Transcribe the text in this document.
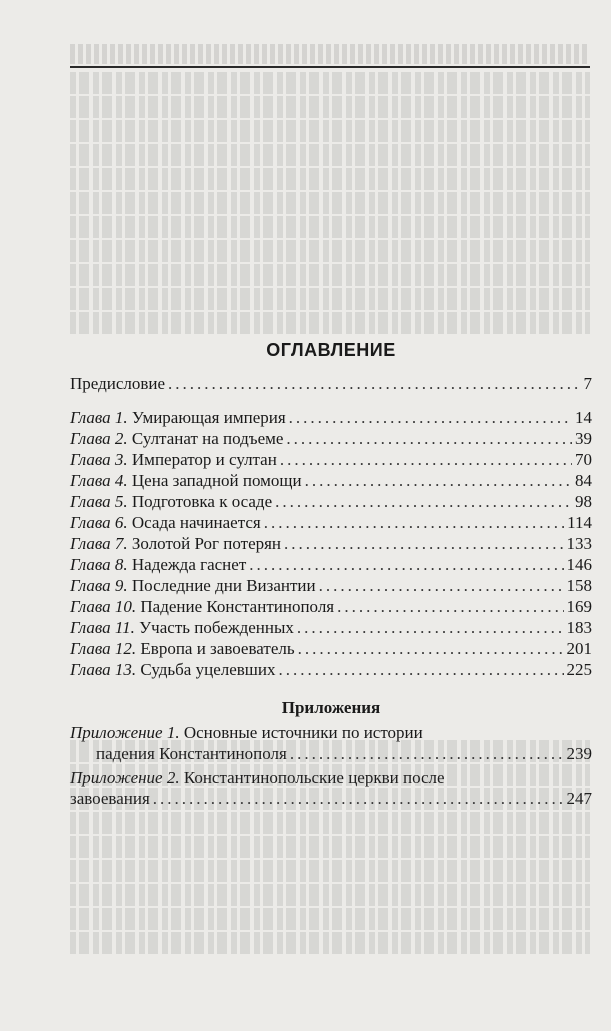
ОГЛАВЛЕНИЕ
Предисловие .....	7
Глава 1. Умирающая империя .....	14
Глава 2. Султанат на подъеме .....	39
Глава 3. Император и султан .....	70
Глава 4. Цена западной помощи .....	84
Глава 5. Подготовка к осаде .....	98
Глава 6. Осада начинается .....	114
Глава 7. Золотой Рог потерян .....	133
Глава 8. Надежда гаснет .....	146
Глава 9. Последние дни Византии .....	158
Глава 10. Падение Константинополя .....	169
Глава 11. Участь побежденных .....	183
Глава 12. Европа и завоеватель .....	201
Глава 13. Судьба уцелевших .....	225
Приложения
Приложение 1. Основные источники по истории
падения Константинополя .....	239
Приложение 2. Константинопольские церкви после
завоевания .....	247
